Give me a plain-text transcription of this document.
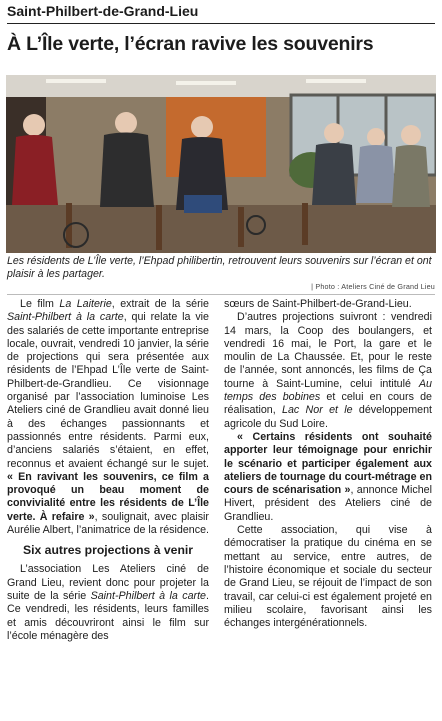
Saint-Philbert-de-Grand-Lieu
À L’Île verte, l’écran ravive les souvenirs
Les résidents de L’Île verte, l’Ehpad philibertin, retrouvent leurs souvenirs sur l’écran et ont plaisir à les partager.
| Photo : Ateliers Ciné de Grand Lieu

Le film La Laiterie, extrait de la série Saint-Philbert à la carte, qui relate la vie des salariés de cette importante entreprise locale, ouvrait, vendredi 10 janvier, la série de projections qui sera présentée aux résidents de l’Ehpad L’Île verte de Saint-Philbert-de-Grandlieu. Ce visionnage organisé par l’association luminoise Les Ateliers ciné de Grandlieu avait donné lieu à des échanges passionnants et passionnés entre résidents. Parmi eux, d’anciens salariés s’étaient, en effet, reconnus et avaient échangé sur le sujet. « En ravivant les souvenirs, ce film a provoqué un beau moment de convivialité entre les résidents de L’Île verte. À refaire », soulignait, avec plaisir Aurélie Albert, l’animatrice de la résidence.

Six autres projections à venir

L’association Les Ateliers ciné de Grand Lieu, revient donc pour projeter la suite de la série Saint-Philbert à la carte. Ce vendredi, les résidents, leurs familles et amis découvriront ainsi le film sur l’école ménagère des

sœurs de Saint-Philbert-de-Grand-Lieu.

D’autres projections suivront : vendredi 14 mars, la Coop des boulangers, et vendredi 16 mai, le Port, la gare et le moulin de La Chaussée. Et, pour le reste de l’année, sont annoncés, les films de Ça tourne à Saint-Lumine, celui intitulé Au temps des bobines et celui en cours de réalisation, Lac Nor et le développement agricole du Sud Loire.

« Certains résidents ont souhaité apporter leur témoignage pour enrichir le scénario et participer également aux ateliers de tournage du court-métrage en cours de scénarisation », annonce Michel Hivert, président des Ateliers ciné de Grandlieu.

Cette association, qui vise à démocratiser la pratique du cinéma en se mettant au service, entre autres, de l’histoire économique et sociale du secteur de Grand Lieu, se réjouit de l’impact de son travail, car celui-ci est également projeté en milieu scolaire, favorisant ainsi les échanges intergénérationnels.
